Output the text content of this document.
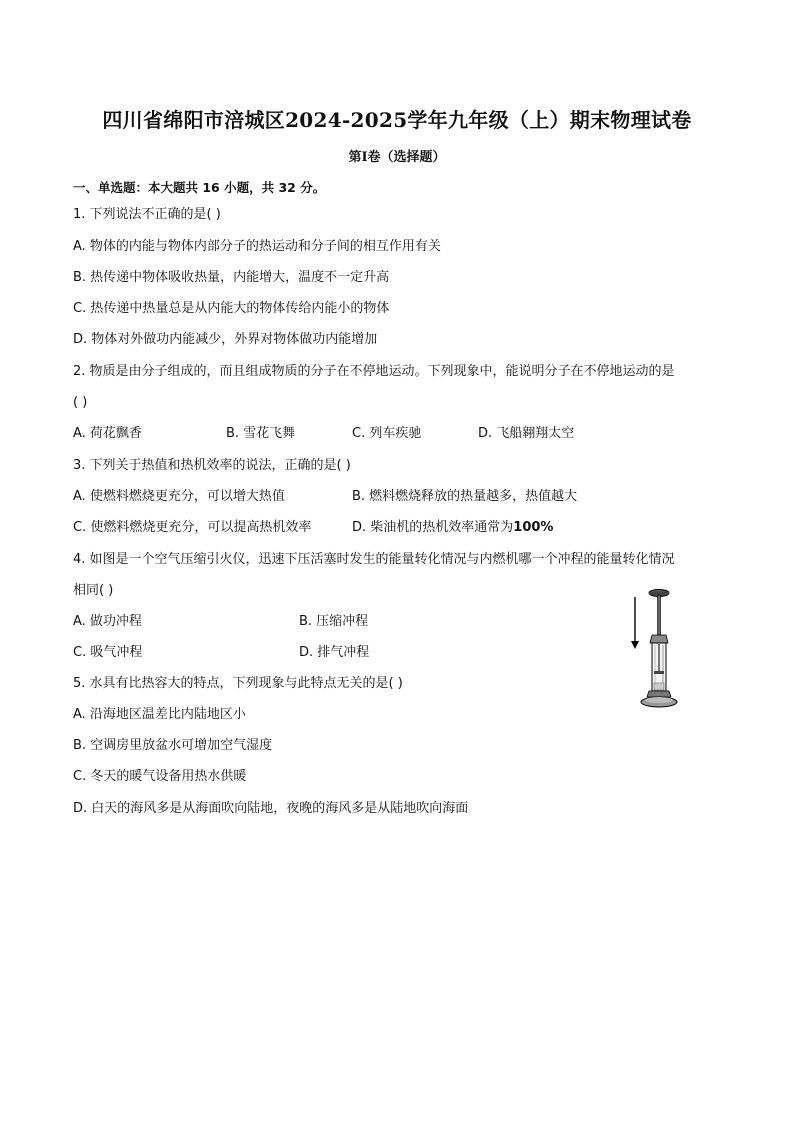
四川省绵阳市涪城区2024-2025学年九年级（上）期末物理试卷
第Ⅰ卷（选择题）
一、单选题：本大题共 16 小题，共 32 分。
1. 下列说法不正确的是( )
A. 物体的内能与物体内部分子的热运动和分子间的相互作用有关
B. 热传递中物体吸收热量，内能增大，温度不一定升高
C. 热传递中热量总是从内能大的物体传给内能小的物体
D. 物体对外做功内能减少，外界对物体做功内能增加
2. 物质是由分子组成的，而且组成物质的分子在不停地运动。下列现象中，能说明分子在不停地运动的是
( )
A. 荷花飘香	B. 雪花飞舞	C. 列车疾驰	D. 飞船翱翔太空
3. 下列关于热值和热机效率的说法，正确的是( )
A. 使燃料燃烧更充分，可以增大热值	B. 燃料燃烧释放的热量越多，热值越大
C. 使燃料燃烧更充分，可以提高热机效率	D. 柴油机的热机效率通常为100%
4. 如图是一个空气压缩引火仪，迅速下压活塞时发生的能量转化情况与内燃机哪一个冲程的能量转化情况
相同( )
A. 做功冲程	B. 压缩冲程
C. 吸气冲程	D. 排气冲程
5. 水具有比热容大的特点，下列现象与此特点无关的是( )
A. 沿海地区温差比内陆地区小
B. 空调房里放盆水可增加空气湿度
C. 冬天的暖气设备用热水供暖
D. 白天的海风多是从海面吹向陆地，夜晚的海风多是从陆地吹向海面
